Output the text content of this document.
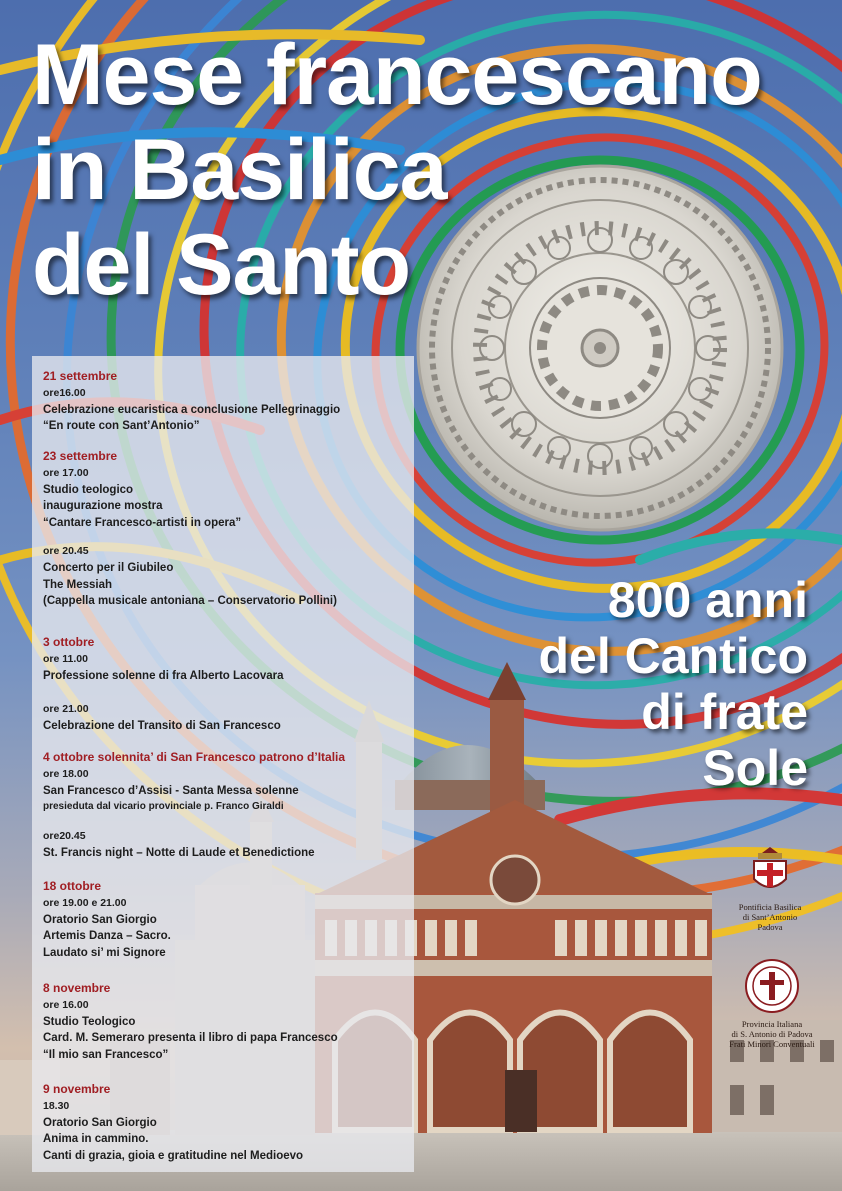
Mese francescano
in Basilica
del Santo
800 anni
del Cantico
di frate
Sole
21 settembre
ore16.00
Celebrazione eucaristica a conclusione Pellegrinaggio
“En route con Sant’Antonio”
23 settembre
ore 17.00
Studio teologico
inaugurazione mostra
“Cantare Francesco-artisti in opera”
ore 20.45
Concerto per il Giubileo
The Messiah
(Cappella musicale antoniana – Conservatorio Pollini)
3 ottobre
ore 11.00
Professione solenne di fra Alberto Lacovara
ore 21.00
Celebrazione del Transito di San Francesco
4 ottobre solennita’ di San Francesco patrono d’Italia
ore 18.00
San Francesco d’Assisi - Santa Messa solenne
presieduta dal vicario provinciale p. Franco Giraldi
ore20.45
St. Francis night – Notte di Laude et Benedictione
18 ottobre
ore 19.00 e 21.00
Oratorio San Giorgio
Artemis Danza – Sacro.
Laudato si’ mi Signore
8 novembre
ore 16.00
Studio Teologico
Card. M. Semeraro presenta il libro di papa Francesco
“Il mio san Francesco”
9 novembre
18.30
Oratorio San Giorgio
Anima in cammino.
Canti di grazia, gioia e gratitudine nel Medioevo
Pontificia Basilica
di Sant’Antonio
Padova
Provincia Italiana
di S. Antonio di Padova
Frati Minori Conventuali
